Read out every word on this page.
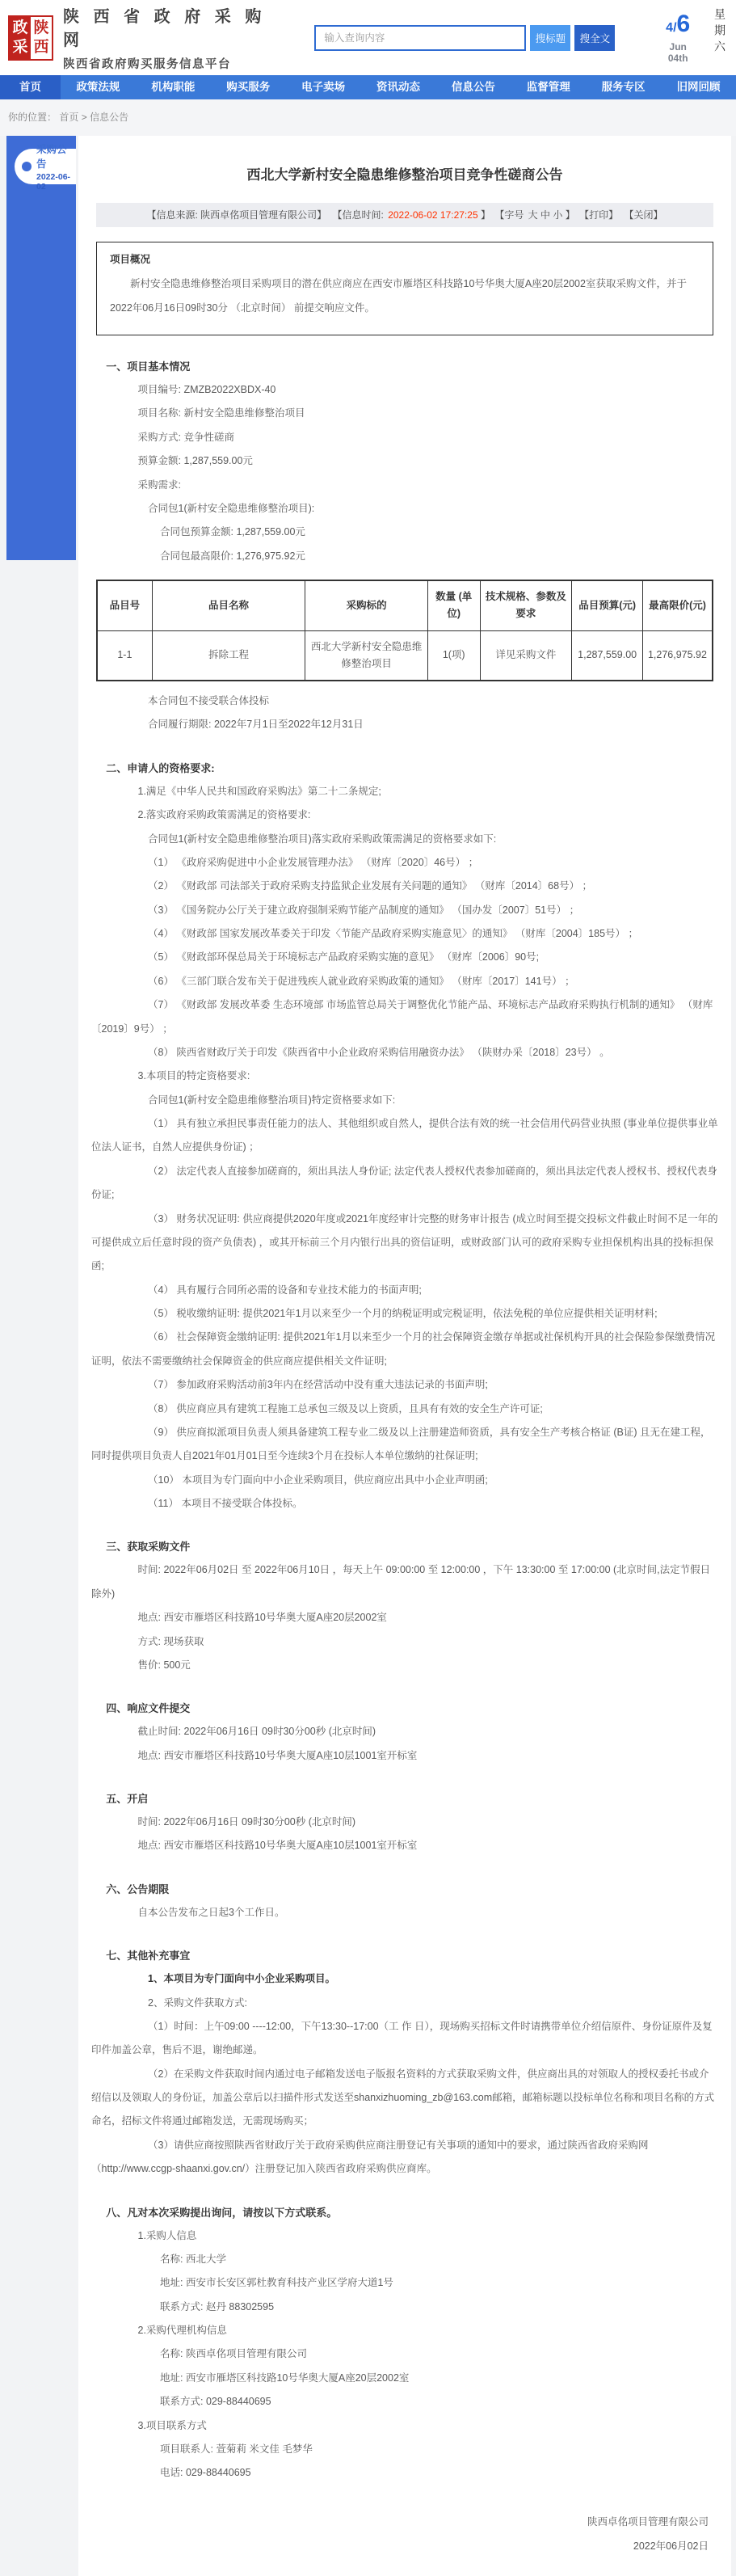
政
采
陕
西
陕 西 省 政 府 采 购 网
陕西省政府购买服务信息平台
输入查询内容
搜标题	搜全文
4/6
Jun 04th
星期六
首页	政策法规	机构职能	购买服务	电子卖场	资讯动态	信息公告	监督管理	服务专区	旧网回顾
你的位置： 首页 > 信息公告
采购公告
2022-06-02
西北大学新村安全隐患维修整治项目竞争性磋商公告
【信息来源: 陕西卓佲项目管理有限公司】 【信息时间: 2022-06-02 17:27:25 】 【字号 大 中 小 】 【打印】 【关闭】
项目概况

新村安全隐患维修整治项目采购项目的潜在供应商应在西安市雁塔区科技路10号华奥大厦A座20层2002室获取采购文件，并于 2022年06月16日09时30分 （北京时间） 前提交响应文件。

一、项目基本情况

项目编号: ZMZB2022XBDX-40

项目名称: 新村安全隐患维修整治项目

采购方式: 竞争性磋商

预算金额: 1,287,559.00元

采购需求:

合同包1(新村安全隐患维修整治项目):

合同包预算金额: 1,287,559.00元

合同包最高限价: 1,276,975.92元

品目号	品目名称	采购标的	数量 (单位)	技术规格、参数及要求	品目预算(元)	最高限价(元)
1-1	拆除工程	西北大学新村安全隐患维修整治项目	1(项)	详见采购文件	1,287,559.00	1,276,975.92

本合同包不接受联合体投标

合同履行期限: 2022年7月1日至2022年12月31日

二、申请人的资格要求:

1.满足《中华人民共和国政府采购法》第二十二条规定;

2.落实政府采购政策需满足的资格要求:

合同包1(新村安全隐患维修整治项目)落实政府采购政策需满足的资格要求如下:

（1） 《政府采购促进中小企业发展管理办法》 （财库〔2020〕46号） ；

（2） 《财政部 司法部关于政府采购支持监狱企业发展有关问题的通知》 （财库〔2014〕68号） ；

（3） 《国务院办公厅关于建立政府强制采购节能产品制度的通知》 （国办发〔2007〕51号） ；

（4） 《财政部 国家发展改革委关于印发〈节能产品政府采购实施意见〉的通知》 （财库〔2004〕185号） ；

（5） 《财政部环保总局关于环境标志产品政府采购实施的意见》 （财库〔2006〕90号;

（6） 《三部门联合发布关于促进残疾人就业政府采购政策的通知》 （财库〔2017〕141号） ；

（7） 《财政部 发展改革委 生态环境部 市场监管总局关于调整优化节能产品、环境标志产品政府采购执行机制的通知》 （财库〔2019〕9号） ；

（8） 陕西省财政厅关于印发《陕西省中小企业政府采购信用融资办法》 （陕财办采〔2018〕23号） 。

3.本项目的特定资格要求:

合同包1(新村安全隐患维修整治项目)特定资格要求如下:

（1） 具有独立承担民事责任能力的法人、其他组织或自然人，提供合法有效的统一社会信用代码营业执照 (事业单位提供事业单位法人证书，自然人应提供身份证) ；

（2） 法定代表人直接参加磋商的，须出具法人身份证; 法定代表人授权代表参加磋商的，须出具法定代表人授权书、授权代表身份证;

（3） 财务状况证明: 供应商提供2020年度或2021年度经审计完整的财务审计报告 (成立时间至提交投标文件截止时间不足一年的可提供成立后任意时段的资产负债表) ，或其开标前三个月内银行出具的资信证明，或财政部门认可的政府采购专业担保机构出具的投标担保函;

（4） 具有履行合同所必需的设备和专业技术能力的书面声明;

（5） 税收缴纳证明: 提供2021年1月以来至少一个月的纳税证明或完税证明，依法免税的单位应提供相关证明材料;

（6） 社会保障资金缴纳证明: 提供2021年1月以来至少一个月的社会保障资金缴存单据或社保机构开具的社会保险参保缴费情况证明，依法不需要缴纳社会保障资金的供应商应提供相关文件证明;

（7） 参加政府采购活动前3年内在经营活动中没有重大违法记录的书面声明;

（8） 供应商应具有建筑工程施工总承包三级及以上资质，且具有有效的安全生产许可证;

（9） 供应商拟派项目负责人须具备建筑工程专业二级及以上注册建造师资质，具有安全生产考核合格证 (B证) 且无在建工程，同时提供项目负责人自2021年01月01日至今连续3个月在投标人本单位缴纳的社保证明;

（10） 本项目为专门面向中小企业采购项目，供应商应出具中小企业声明函;

（11） 本项目不接受联合体投标。

三、获取采购文件

时间: 2022年06月02日 至 2022年06月10日 ，每天上午 09:00:00 至 12:00:00 ，下午 13:30:00 至 17:00:00 (北京时间,法定节假日除外)

地点: 西安市雁塔区科技路10号华奥大厦A座20层2002室

方式: 现场获取

售价: 500元

四、响应文件提交

截止时间: 2022年06月16日 09时30分00秒 (北京时间)

地点: 西安市雁塔区科技路10号华奥大厦A座10层1001室开标室

五、开启

时间: 2022年06月16日 09时30分00秒 (北京时间)

地点: 西安市雁塔区科技路10号华奥大厦A座10层1001室开标室

六、公告期限

自本公告发布之日起3个工作日。

七、其他补充事宜

1、本项目为专门面向中小企业采购项目。

2、采购文件获取方式:

（1）时间：上午09:00 ----12:00，下午13:30--17:00（工 作 日），现场购买招标文件时请携带单位介绍信原件、身份证原件及复印件加盖公章，售后不退，谢绝邮递。

（2）在采购文件获取时间内通过电子邮箱发送电子版报名资料的方式获取采购文件，供应商出具的对领取人的授权委托书或介绍信以及领取人的身份证，加盖公章后以扫描件形式发送至shanxizhuoming_zb@163.com邮箱，邮箱标题以投标单位名称和项目名称的方式命名，招标文件将通过邮箱发送，无需现场购买；

（3）请供应商按照陕西省财政厅关于政府采购供应商注册登记有关事项的通知中的要求，通过陕西省政府采购网（http://www.ccgp-shaanxi.gov.cn/）注册登记加入陕西省政府采购供应商库。

八、凡对本次采购提出询问，请按以下方式联系。

1.采购人信息

名称: 西北大学

地址: 西安市长安区郭杜教育科技产业区学府大道1号

联系方式: 赵丹 88302595

2.采购代理机构信息

名称: 陕西卓佲项目管理有限公司

地址: 西安市雁塔区科技路10号华奥大厦A座20层2002室

联系方式: 029-88440695

3.项目联系方式

项目联系人: 萱菊莉 米文佳 毛梦华

电话: 029-88440695

陕西卓佲项目管理有限公司
2022年06月02日
